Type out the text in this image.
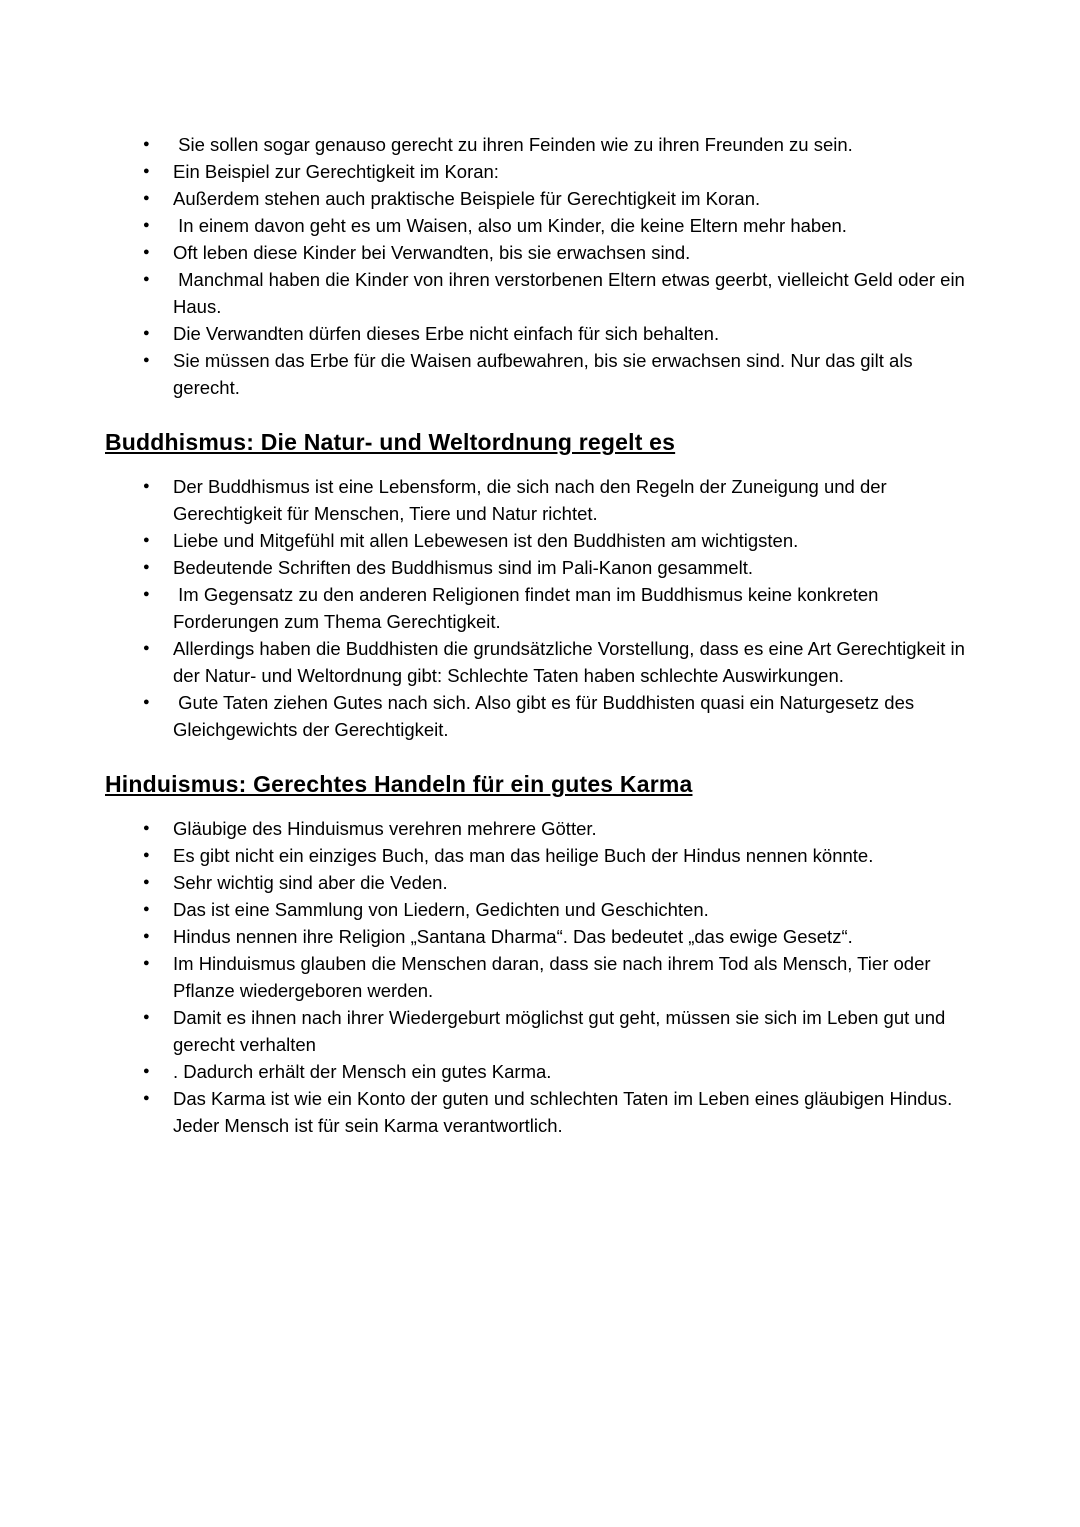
●	Sie sollen sogar genauso gerecht zu ihren Feinden wie zu ihren Freunden zu sein.
●	Ein Beispiel zur Gerechtigkeit im Koran:
●	Außerdem stehen auch praktische Beispiele für Gerechtigkeit im Koran.
●	In einem davon geht es um Waisen, also um Kinder, die keine Eltern mehr haben.
●	Oft leben diese Kinder bei Verwandten, bis sie erwachsen sind.
●	Manchmal haben die Kinder von ihren verstorbenen Eltern etwas geerbt, vielleicht Geld oder ein Haus.
●	Die Verwandten dürfen dieses Erbe nicht einfach für sich behalten.
●	Sie müssen das Erbe für die Waisen aufbewahren, bis sie erwachsen sind. Nur das gilt als gerecht.
Buddhismus: Die Natur- und Weltordnung regelt es
●	Der Buddhismus ist eine Lebensform, die sich nach den Regeln der Zuneigung und der Gerechtigkeit für Menschen, Tiere und Natur richtet.
●	Liebe und Mitgefühl mit allen Lebewesen ist den Buddhisten am wichtigsten.
●	Bedeutende Schriften des Buddhismus sind im Pali-Kanon gesammelt.
●	Im Gegensatz zu den anderen Religionen findet man im Buddhismus keine konkreten Forderungen zum Thema Gerechtigkeit.
●	Allerdings haben die Buddhisten die grundsätzliche Vorstellung, dass es eine Art Gerechtigkeit in der Natur- und Weltordnung gibt: Schlechte Taten haben schlechte Auswirkungen.
●	Gute Taten ziehen Gutes nach sich. Also gibt es für Buddhisten quasi ein Naturgesetz des Gleichgewichts der Gerechtigkeit.
Hinduismus: Gerechtes Handeln für ein gutes Karma
●	Gläubige des Hinduismus verehren mehrere Götter.
●	Es gibt nicht ein einziges Buch, das man das heilige Buch der Hindus nennen könnte.
●	Sehr wichtig sind aber die Veden.
●	Das ist eine Sammlung von Liedern, Gedichten und Geschichten.
●	Hindus nennen ihre Religion „Santana Dharma“. Das bedeutet „das ewige Gesetz“.
●	Im Hinduismus glauben die Menschen daran, dass sie nach ihrem Tod als Mensch, Tier oder Pflanze wiedergeboren werden.
●	Damit es ihnen nach ihrer Wiedergeburt möglichst gut geht, müssen sie sich im Leben gut und gerecht verhalten
●	. Dadurch erhält der Mensch ein gutes Karma.
●	Das Karma ist wie ein Konto der guten und schlechten Taten im Leben eines gläubigen Hindus. Jeder Mensch ist für sein Karma verantwortlich.
